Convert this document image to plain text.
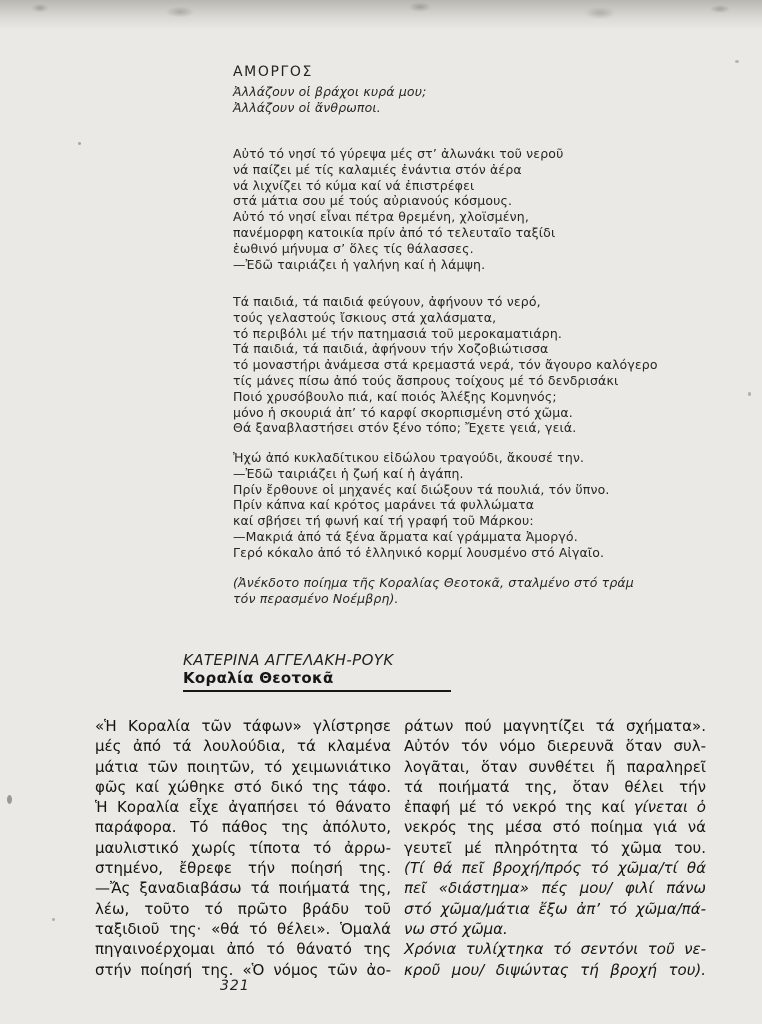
ΑΜΟΡΓΟΣ
Ἀλλάζουν οἱ βράχοι κυρά μου;
Ἀλλάζουν οἱ ἄνθρωποι.
Αὐτό τό νησί τό γύρεψα μές στ’ ἀλωνάκι τοῦ νεροῦ
νά παίζει μέ τίς καλαμιές ἐνάντια στόν ἀέρα
νά λιχνίζει τό κύμα καί νά ἐπιστρέφει
στά μάτια σου μέ τούς αὐριανούς κόσμους.
Αὐτό τό νησί εἶναι πέτρα θρεμένη, χλοϊσμένη,
πανέμορφη κατοικία πρίν ἀπό τό τελευταῖο ταξίδι
ἑωθινό μήνυμα σ’ ὅλες τίς θάλασσες.
—Ἐδῶ ταιριάζει ἡ γαλήνη καί ἡ λάμψη.
Τά παιδιά, τά παιδιά φεύγουν, ἀφήνουν τό νερό,
τούς γελαστούς ἴσκιους στά χαλάσματα,
τό περιβόλι μέ τήν πατημασιά τοῦ μεροκαματιάρη.
Τά παιδιά, τά παιδιά, ἀφήνουν τήν Χοζοβιώτισσα
τό μοναστήρι ἀνάμεσα στά κρεμαστά νερά, τόν ἄγουρο καλόγερο
τίς μάνες πίσω ἀπό τούς ἄσπρους τοίχους μέ τό δενδρισάκι
Ποιό χρυσόβουλο πιά, καί ποιός Ἀλέξης Κομνηνός;
μόνο ἡ σκουριά ἀπ’ τό καρφί σκορπισμένη στό χῶμα.
Θά ξαναβλαστήσει στόν ξένο τόπο; Ἔχετε γειά, γειά.
Ἠχώ ἀπό κυκλαδίτικου εἰδώλου τραγούδι, ἄκουσέ την.
—Ἐδῶ ταιριάζει ἡ ζωή καί ἡ ἀγάπη.
Πρίν ἔρθουνε οἱ μηχανές καί διώξουν τά πουλιά, τόν ὕπνο.
Πρίν κάπνα καί κρότος μαράνει τά φυλλώματα
καί σβήσει τή φωνή καί τή γραφή τοῦ Μάρκου:
—Μακριά ἀπό τά ξένα ἄρματα καί γράμματα Ἀμοργό.
Γερό κόκαλο ἀπό τό ἑλληνικό κορμί λουσμένο στό Αἰγαῖο.
(Ἀνέκδοτο ποίημα τῆς Κοραλίας Θεοτοκᾶ, σταλμένο στό τράμ
τόν περασμένο Νοέμβρη).
ΚΑΤΕΡΙΝΑ ΑΓΓΕΛΑΚΗ-ΡΟΥΚ
Κοραλία Θεοτοκᾶ
«Ἡ Κοραλία τῶν τάφων» γλίστρησε
μές ἀπό τά λουλούδια, τά κλαμένα
μάτια τῶν ποιητῶν, τό χειμωνιάτικο
φῶς καί χώθηκε στό δικό της τάφο.
Ἡ Κοραλία εἶχε ἀγαπήσει τό θάνατο
παράφορα. Τό πάθος της ἀπόλυτο,
μαυλιστικό χωρίς τίποτα τό ἀρρω-
στημένο, ἔθρεφε τήν ποίησή της.
—Ἄς ξαναδιαβάσω τά ποιήματά της,
λέω, τοῦτο τό πρῶτο βράδυ τοῦ
ταξιδιοῦ της· «θά τό θέλει». Ὁμαλά
πηγαινοέρχομαι ἀπό τό θάνατό της
στήν ποίησή της. «Ὁ νόμος τῶν ἀο-
ράτων πού μαγνητίζει τά σχήματα».
Αὐτόν τόν νόμο διερευνᾶ ὅταν συλ-
λογᾶται, ὅταν συνθέτει ἤ παραληρεῖ
τά ποιήματά της, ὅταν θέλει τήν
ἐπαφή μέ τό νεκρό της καί γίνεται ὁ
νεκρός της μέσα στό ποίημα γιά νά
γευτεῖ μέ πληρότητα τό χῶμα του.
(Τί θά πεῖ βροχή/πρός τό χῶμα/τί θά
πεῖ «διάστημα» πές μου/ φιλί πάνω
στό χῶμα/μάτια ἔξω ἀπ’ τό χῶμα/πά-
νω στό χῶμα.
Χρόνια τυλίχτηκα τό σεντόνι τοῦ νε-
κροῦ μου/ διψώντας τή βροχή του).
321
